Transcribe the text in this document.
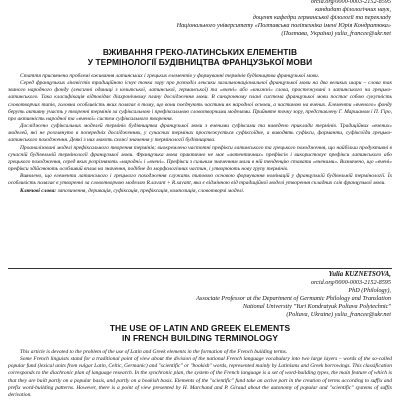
orcid.org/0000-0003-2152-8595
кандидат філологічних наук,
доцент кафедри германської філології та перекладу
Національного університету «Полтавська політехніка імені Юрія Кондратюка»
(Полтава, Україна) yulia_francee@ukr.net
ВЖИВАННЯ ГРЕКО-ЛАТИНСЬКИХ ЕЛЕМЕНТІВ
У ТЕРМІНОЛОГІЇ БУДІВНИЦТВА ФРАНЦУЗЬКОЇ МОВИ

Стаття присвячена проблемі вживання латинських і грецьких елементів у формуванні термінів будівництва французької мови.

Серед французьких лінгвістів традиційною існує точка зору про розподіл лексики загальнонаціональної французької мови на два великих шари – слова так званого народного фонду (лексичні одиниці з кельтської, латинської, германської) та «вчені» або «книжні» слова, простежувані з латинського чи грецько-латинського. Така класифікація відповідає діахронічному плану дослідження мови. В синхронному плані система французької мови постає собою сукупність словотворчих типів, головна особливість яких полягає в тому, що вони поєднують частини як народної основи, а частиною на вчених. Елементи «вченого» фонду беруть активну участь у творенні термінів за суфіксальною і префіксальною словотворчими моделями. Прийняте точку зору, представлену Г. Маршаном і П. Гіро, про активність народної та «вченої» систем суфіксального творення.

Досліджено суфіксальних моделей термінів будівництва французької мови з вченими суфіксами та наведено приклади термінів. Традиційних «вчених» моделей, які не розглянуто в попередніх дослідженнях, у сучасних термінах простежується суфіксоїдне, а виводять суфікси, форманти, суфіксоїди грецько-латинського походження. Деякі з них мають схожі значення у термінології будівництва.

Проаналізовані моделі префіксального творення термінів; виокремлено частотні префікси латинського та грецького походження, що найбільш продуктивні в сучасній будівельній термінології французької мови. Французька мова практично не має «автентичних» префіксів і використовує префікси латинського або грецького походження, серед яких розрізняють «народні» і «вчені». Префікси з сильним значенням мали в ній тенденцію ставати «вченими». Визначено, що «вчені» префікси здійснюють особливий вплив на значення, подібне до морфологічних частин, і утворюють нову групу термінів.

Виявлено, що елементи латинського і грецького походження служать типовою основою формування номінацій у французькій будівельній термінології. Їх особливість полягає в утворенні за словотворчою моделлю R.savant + R.savant, яка є відмінною від традиційної моделі утворення складних слів французької мови.

Ключові слова: запозичення, деривація, суфіксація, префіксація, композиція, словотворчі моделі.

Yulia KUZNETSOVA,
orcid.org/0000-0003-2152-8595
PhD (Philology),
Associate Professor at the Department of Germanic Philology and Translation
National University "Yuri Kondratyuk Poltava Polytechnic"
(Poltava, Ukraine) yulia_francee@ukr.net
THE USE OF LATIN AND GREEK ELEMENTS
IN FRENCH BUILDING TERMINOLOGY

This article is devoted to the problem of the use of Latin and Greek elements in the formation of the French building terms.

Some French linguists stand for a traditional point of view about the division of the national French language vocabulary into two large layers – words of the so-called popular fund (lexical units from vulgar Latin, Celtic, Germanic) and "scientific" or "bookish" words, represented mainly by Latinisms and Greek borrowings. This classification corresponds to the diachronic plan of language research. In the synchronic plan, the system of the French language is a set of word-building types, the main feature of which is that they are built partly on a popular basis, and partly on a bookish basis. Elements of the "scientific" fund take an active part in the creation of terms according to suffix and prefix word-building patterns. However, there is a point of view presented by H. Marchand and P. Giraud about the autonomy of popular and "scientific" systems of suffix derivation.
